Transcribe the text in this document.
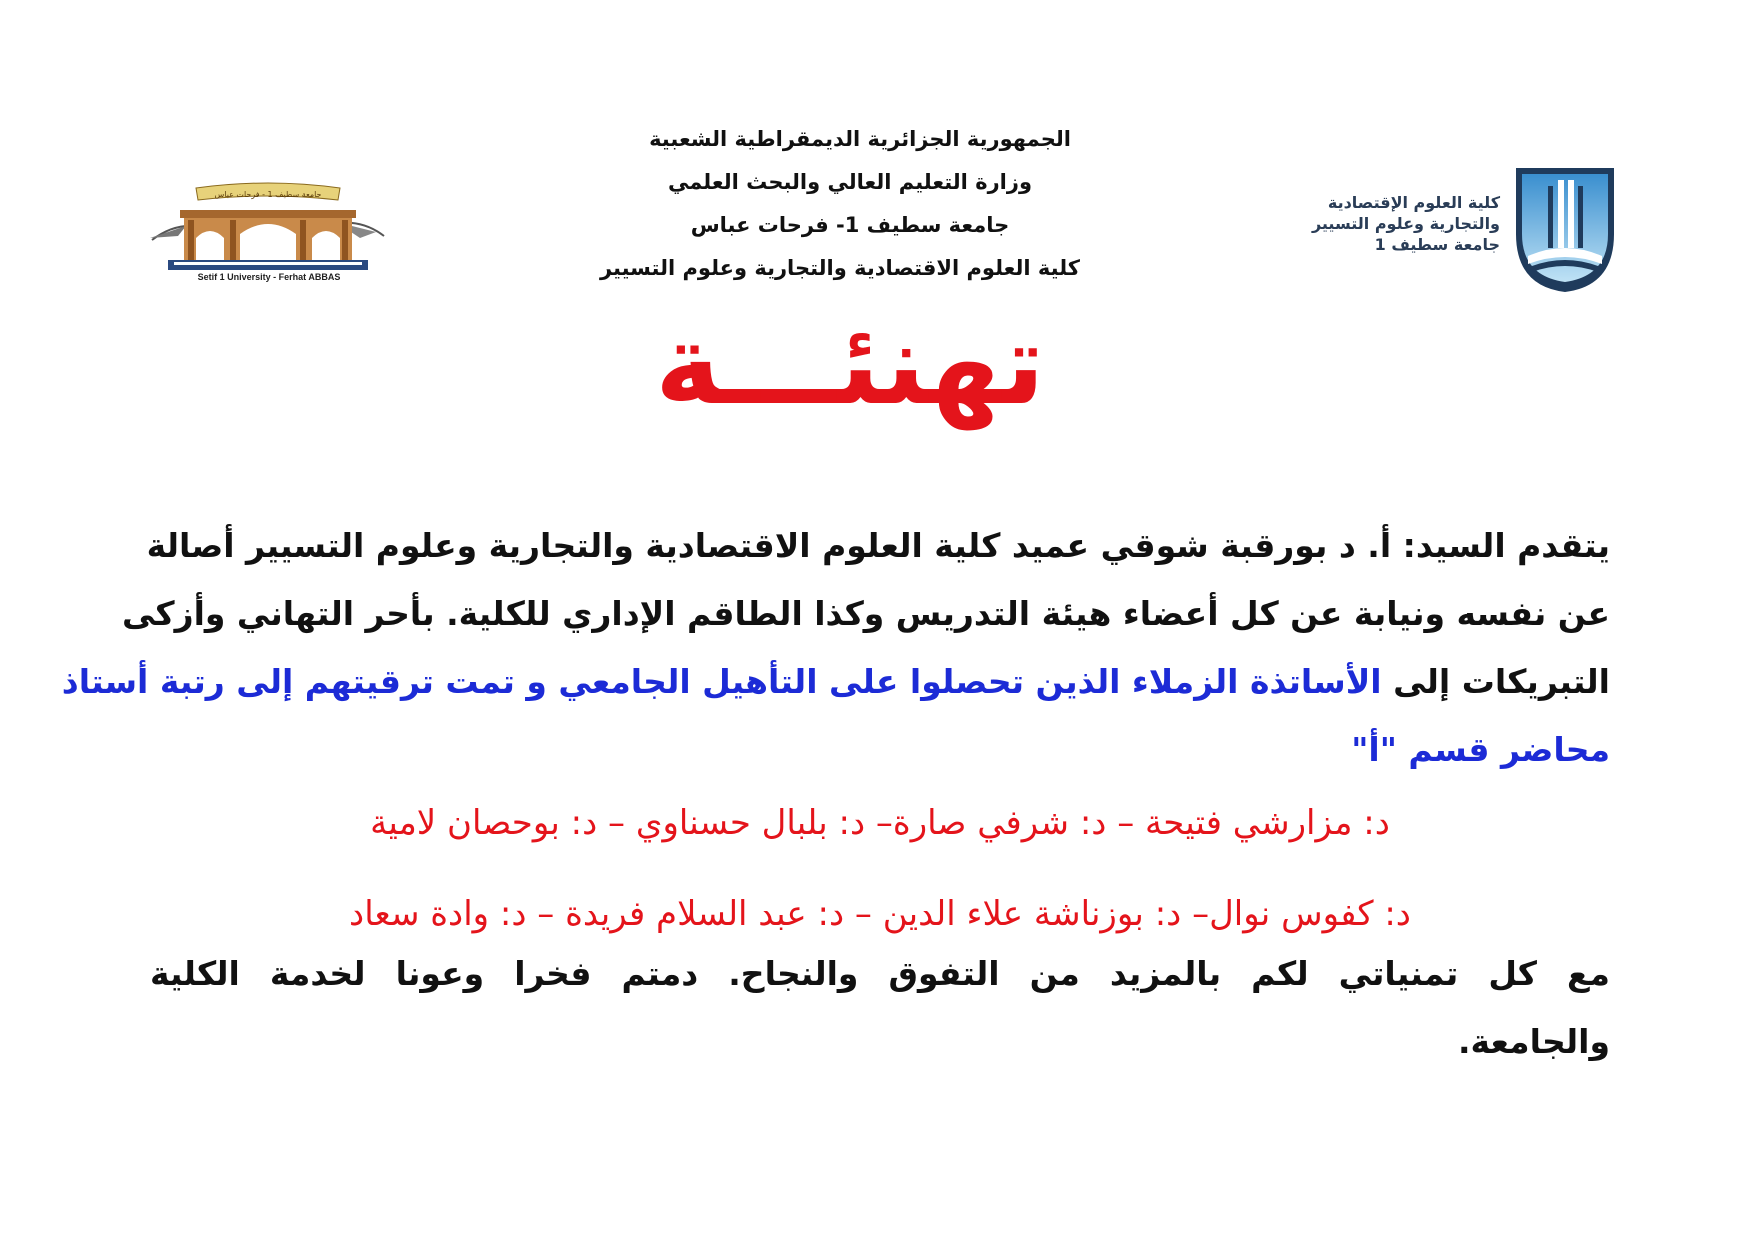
الجمهورية الجزائرية الديمقراطية الشعبية
وزارة التعليم العالي والبحث العلمي
جامعة سطيف 1- فرحات عباس
كلية العلوم الاقتصادية والتجارية وعلوم التسيير
كلية العلوم الإقتصادية
والتجارية وعلوم التسيير
جامعة سطيف 1
جامعة سطيف 1 - فرحات عباس
Setif 1 University - Ferhat ABBAS
تهنئـــة
يتقدم السيد: أ. د بورقبة شوقي عميد كلية العلوم الاقتصادية والتجارية وعلوم التسيير أصالة
عن نفسه ونيابة عن كل أعضاء هيئة التدريس وكذا الطاقم الإداري للكلية. بأحر التهاني وأزكى
التبريكات إلى الأساتذة الزملاء الذين تحصلوا على التأهيل الجامعي و تمت ترقيتهم إلى رتبة أستاذ
محاضر قسم "أ"
د: مزارشي فتيحة – د: شرفي صارة– د: بلبال حسناوي – د: بوحصان لامية
د: كفوس نوال– د: بوزناشة علاء الدين – د: عبد السلام فريدة – د: وادة سعاد
مع كل تمنياتي لكم بالمزيد من التفوق والنجاح. دمتم فخرا وعونا لخدمة الكلية
والجامعة.
